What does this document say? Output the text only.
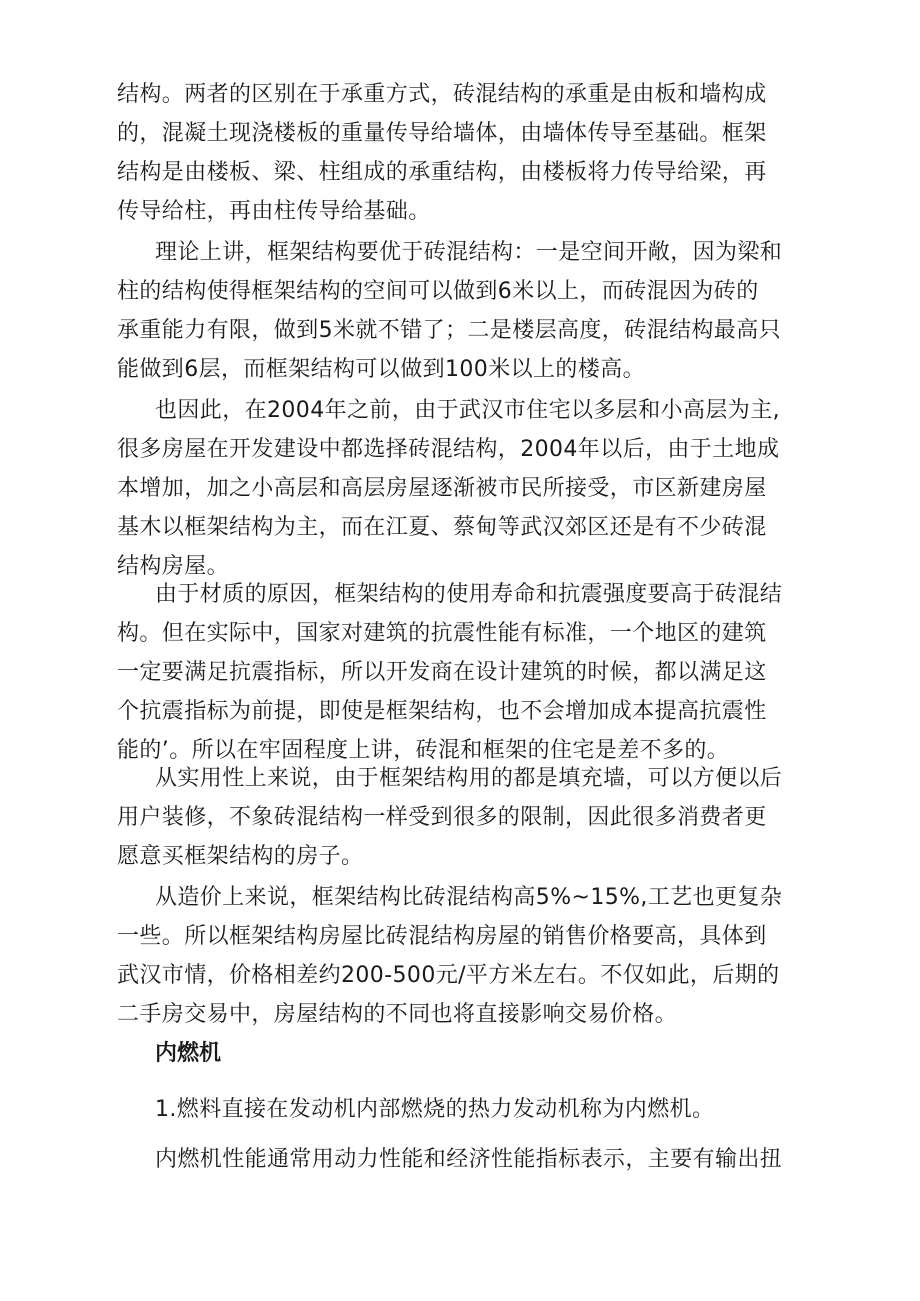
结构。两者的区别在于承重方式，砖混结构的承重是由板和墙构成
的，混凝土现浇楼板的重量传导给墙体，由墙体传导至基础。框架
结构是由楼板、梁、柱组成的承重结构，由楼板将力传导给梁，再
传导给柱，再由柱传导给基础。
理论上讲，框架结构要优于砖混结构：一是空间开敞，因为梁和
柱的结构使得框架结构的空间可以做到6米以上，而砖混因为砖的
承重能力有限，做到5米就不错了；二是楼层高度，砖混结构最高只
能做到6层，而框架结构可以做到100米以上的楼高。
也因此，在2004年之前，由于武汉市住宅以多层和小高层为主,
很多房屋在开发建设中都选择砖混结构，2004年以后，由于土地成
本增加，加之小高层和高层房屋逐渐被市民所接受，市区新建房屋
基木以框架结构为主，而在江夏、蔡甸等武汉郊区还是有不少砖混
结构房屋。
由于材质的原因，框架结构的使用寿命和抗震强度要高于砖混结
构。但在实际中，国家对建筑的抗震性能有标准，一个地区的建筑
一定要满足抗震指标，所以开发商在设计建筑的时候，都以满足这
个抗震指标为前提，即使是框架结构，也不会增加成本提高抗震性
能的’。所以在牢固程度上讲，砖混和框架的住宅是差不多的。
从实用性上来说，由于框架结构用的都是填充墙，可以方便以后
用户装修，不象砖混结构一样受到很多的限制，因此很多消费者更
愿意买框架结构的房子。
从造价上来说，框架结构比砖混结构高5%~15%,工艺也更复杂
一些。所以框架结构房屋比砖混结构房屋的销售价格要高，具体到
武汉市情，价格相差约200-500元/平方米左右。不仅如此，后期的
二手房交易中，房屋结构的不同也将直接影响交易价格。
内燃机
1.燃料直接在发动机内部燃烧的热力发动机称为内燃机。
内燃机性能通常用动力性能和经济性能指标表示，主要有输出扭
